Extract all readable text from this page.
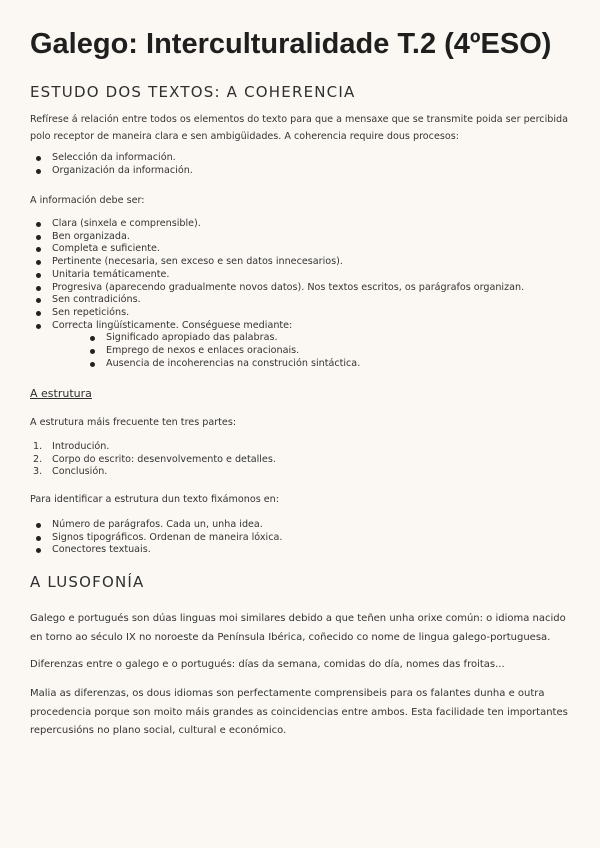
Galego: Interculturalidade T.2 (4ºESO)
ESTUDO DOS TEXTOS: A COHERENCIA

Refírese á relación entre todos os elementos do texto para que a mensaxe que se transmite poida ser percibida polo receptor de maneira clara e sen ambigüidades. A coherencia require dous procesos:

Selección da información.
Organización da información.

A información debe ser:

Clara (sinxela e comprensible).
Ben organizada.
Completa e suficiente.
Pertinente (necesaria, sen exceso e sen datos innecesarios).
Unitaria temáticamente.
Progresiva (aparecendo gradualmente novos datos). Nos textos escritos, os parágrafos organizan.
Sen contradicións.
Sen repeticións.
Correcta lingüísticamente. Conséguese mediante:
Significado apropiado das palabras.
Emprego de nexos e enlaces oracionais.
Ausencia de incoherencias na construción sintáctica.
A estrutura

A estrutura máis frecuente ten tres partes:

1. Introdución.
2. Corpo do escrito: desenvolvemento e detalles.
3. Conclusión.

Para identificar a estrutura dun texto fixámonos en:

Número de parágrafos. Cada un, unha idea.
Signos tipográficos. Ordenan de maneira lóxica.
Conectores textuais.
A LUSOFONÍA

Galego e portugués son dúas linguas moi similares debido a que teñen unha orixe común: o idioma nacido en torno ao século IX no noroeste da Península Ibérica, coñecido co nome de lingua galego-portuguesa.

Diferenzas entre o galego e o portugués: días da semana, comidas do día, nomes das froitas...

Malia as diferenzas, os dous idiomas son perfectamente comprensibeis para os falantes dunha e outra procedencia porque son moito máis grandes as coincidencias entre ambos. Esta facilidade ten importantes repercusións no plano social, cultural e económico.
